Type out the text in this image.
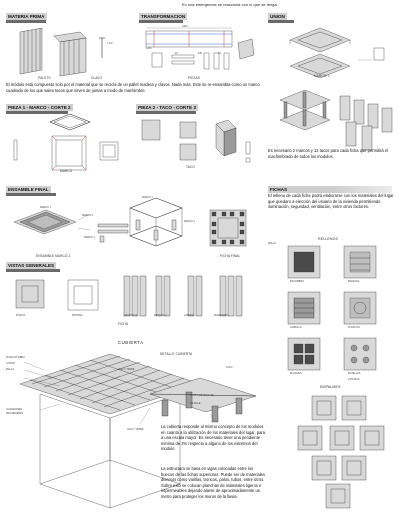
En una emergencia se reacciona con lo que se tenga.
MATERIA PRIMA
1 1/2"
PALETS	CLAVO
El módulo está compuesto solo por el material que se recicla de un pallet madera y clavos. Nada más. Este se re-ensambla como un marco cuadrado de los que salen tacos que sirven de juntas a modo de machimbre.
TRANSFORMACION
1000
1200
40	100	40
PIEZAS
UNION
MARCO 1
Es necesario 2 marcos y 12 tacos para cada ficha que permitirá el machimbrado de todos los modulos.
PIEZA 1 - MARCO - CORTE 2
MARCO
PIEZA 2 - TACO - CORTE 3
TACO
ENSAMBLE FINAL
MARCO 1
MARCO 2
MARCO 1
MARCO 1
MARCO 2
ENSAMBLE MARCO 2	FICHA FINAL
VISTAS GENERALES
PLANTA	FRONTAL	FRONTAL B	FRONTAL C	LATERAL	ISOMETRICA
FICHA
FICHAS
El relleno de cada ficha podrá elaborarse con los materiales del lugar que quedaro a elección del usuario de la vivienda permitiendo iluminación, seguridad, ventilación, entre otros factores.
RELLENOS
MALLA
ESCOMBRO	BALDOSA
LADRILLO	PLASTICO
BLOQUES	BOTELLAS
LATA MAS
EMPALMES
CUBIERTA
PLANCHA FIBRA
LISTON
MALLA	VIGA Y TRABE
CLAVADORES
PROVENIENTE
VIGA Y TRABE
TACO
PUNTO DE ANCLAJE
DETALLE
DETALLE CUBIERTA
La cubierta responde al mismo concepto de los modulos en cuanto a la utilización de los materiales del lugar, para a una escala mayor. Es necesario tener una pendiente mínima de 2% respecto a alguno de los extremos del modulo.
La estructura se basa en vigas colocadas entre los huecos de las fichas superiores. Puede ser de materiales diversos como varillas, troncos, palos, tubos, entre otros. Sobre esto se colocan planchas de materiales ligeros e impermeables dejando alarse de aproximadamente un metro para proteger los muros de la lluvia.
